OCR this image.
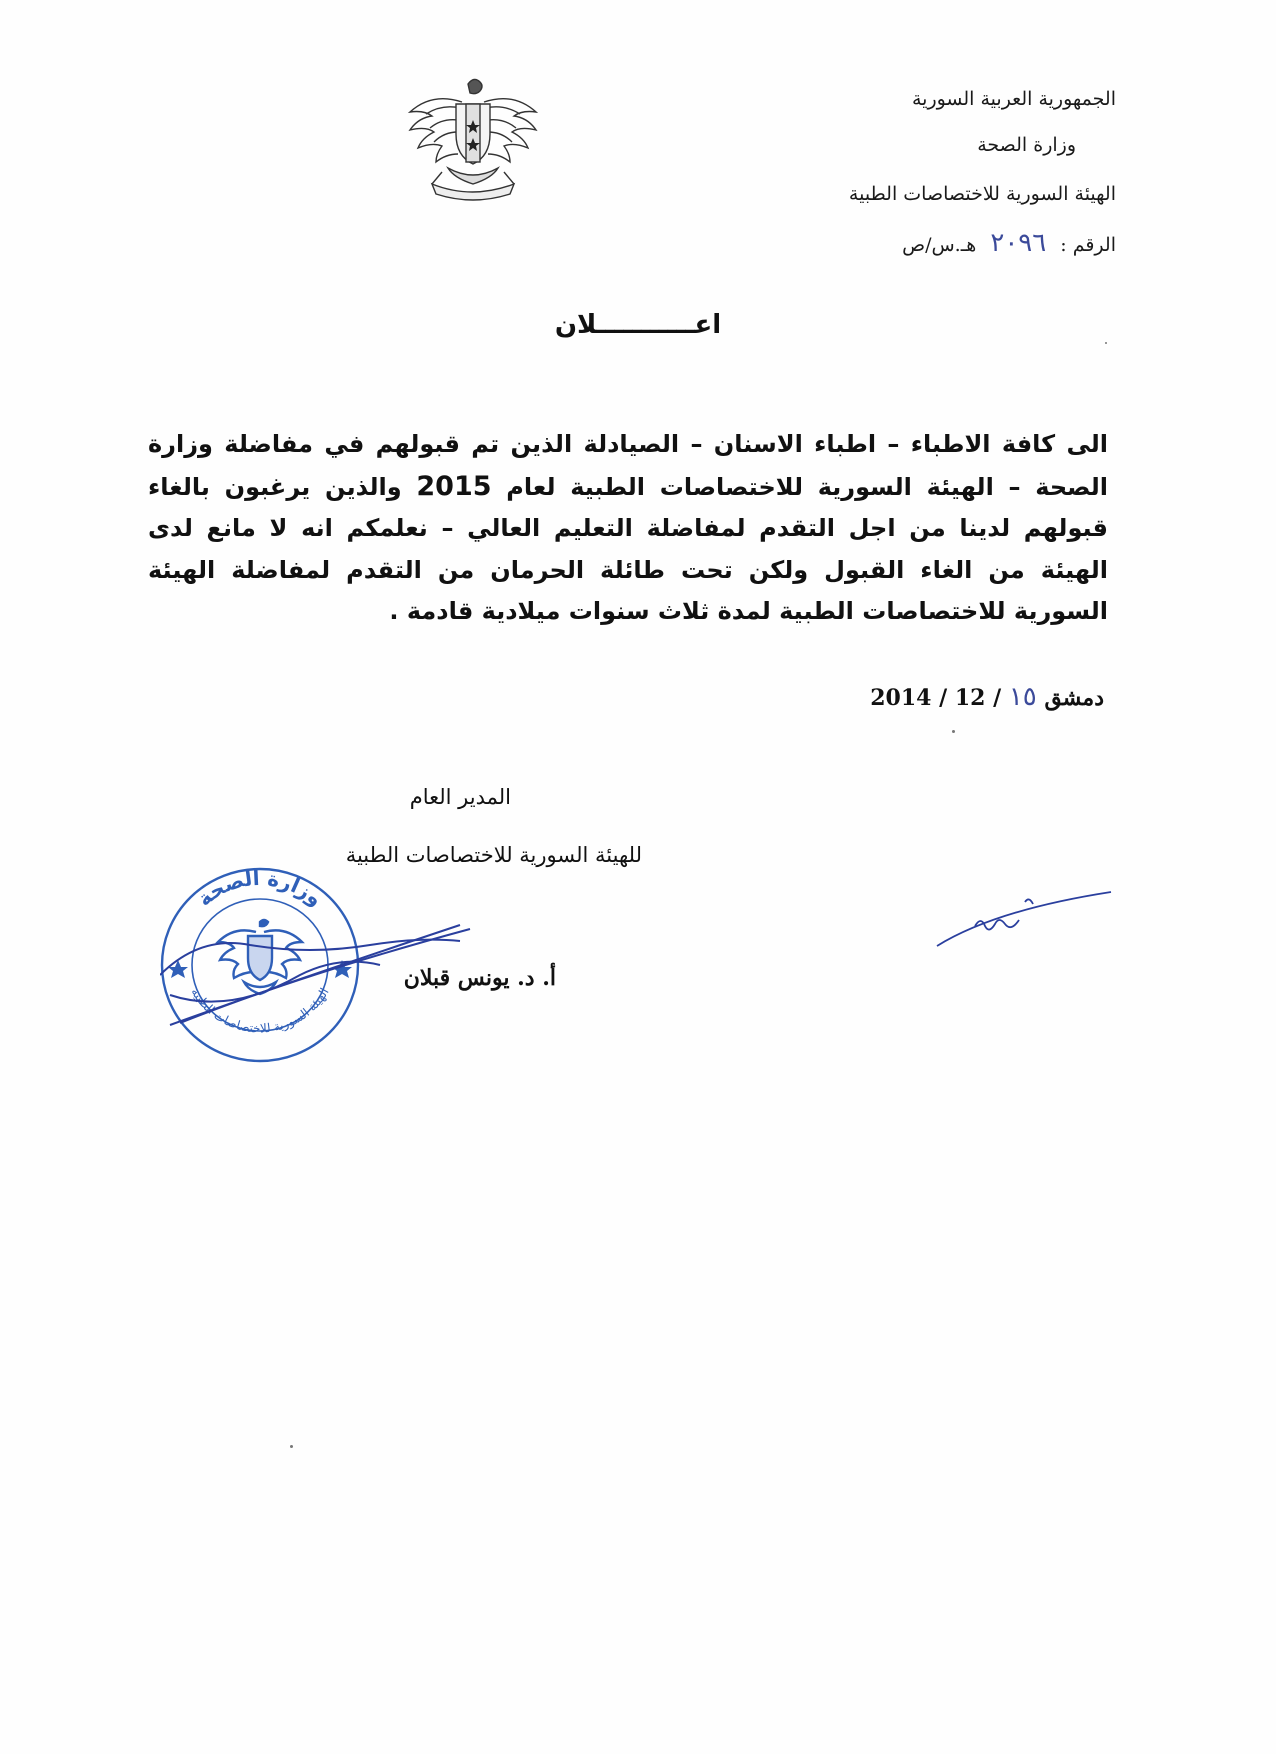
الجمهورية العربية السورية
وزارة الصحة
الهيئة السورية للاختصاصات الطبية
الرقم : ٢٠٩٦ هـ.س/ص
اعـــــــــــلان
الى كافة الاطباء – اطباء الاسنان – الصيادلة الذين تم قبولهم في مفاضلة وزارة الصحة – الهيئة السورية للاختصاصات الطبية لعام 2015 والذين يرغبون بالغاء قبولهم لدينا من اجل التقدم لمفاضلة التعليم العالي – نعلمكم انه لا مانع لدى الهيئة من الغاء القبول ولكن تحت طائلة الحرمان من التقدم لمفاضلة الهيئة السورية للاختصاصات الطبية لمدة ثلاث سنوات ميلادية قادمة .
دمشق ١٥ / 12 / 2014
المدير العام
للهيئة السورية للاختصاصات الطبية
أ. د. يونس قبلان
وزارة الصحة
الهيئة السورية للاختصاصات الطبية
